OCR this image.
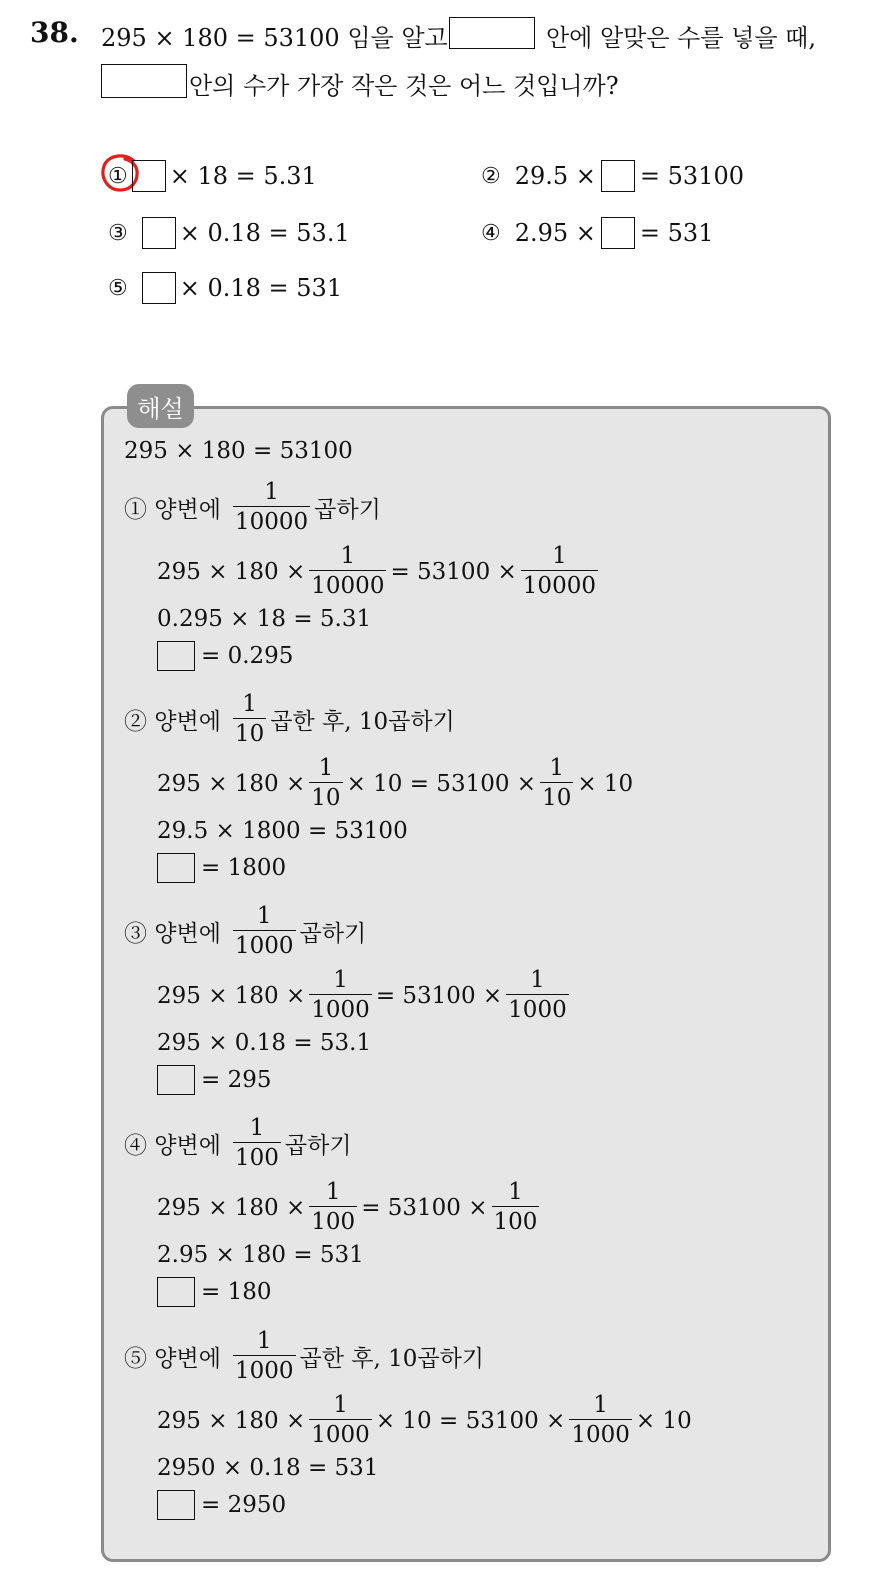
38. 295 × 180 = 53100 임을 알고	안에 알맞은 수를 넣을 때,
안의 수가 가장 작은 것은 어느 것입니까?
① × 18 = 5.31	② 29.5 × = 53100
③ × 0.18 = 53.1	④ 2.95 × = 531
⑤ × 0.18 = 531
해설
295 × 180 = 53100
① 양변에 $\frac{1}{10000}$ 곱하기
$295 \times 180 \times \frac{1}{10000} = 53100 \times \frac{1}{10000}$
0.295 × 18 = 5.31
= 0.295
② 양변에 $\frac{1}{10}$ 곱한 후, 10곱하기
$295 \times 180 \times \frac{1}{10} \times 10 = 53100 \times \frac{1}{10} \times 10$
29.5 × 1800 = 53100
= 1800
③ 양변에 $\frac{1}{1000}$ 곱하기
$295 \times 180 \times \frac{1}{1000} = 53100 \times \frac{1}{1000}$
295 × 0.18 = 53.1
= 295
④ 양변에 $\frac{1}{100}$ 곱하기
$295 \times 180 \times \frac{1}{100} = 53100 \times \frac{1}{100}$
2.95 × 180 = 531
= 180
⑤ 양변에 $\frac{1}{1000}$ 곱한 후, 10곱하기
$295 \times 180 \times \frac{1}{1000} \times 10 = 53100 \times \frac{1}{1000} \times 10$
2950 × 0.18 = 531
= 2950
